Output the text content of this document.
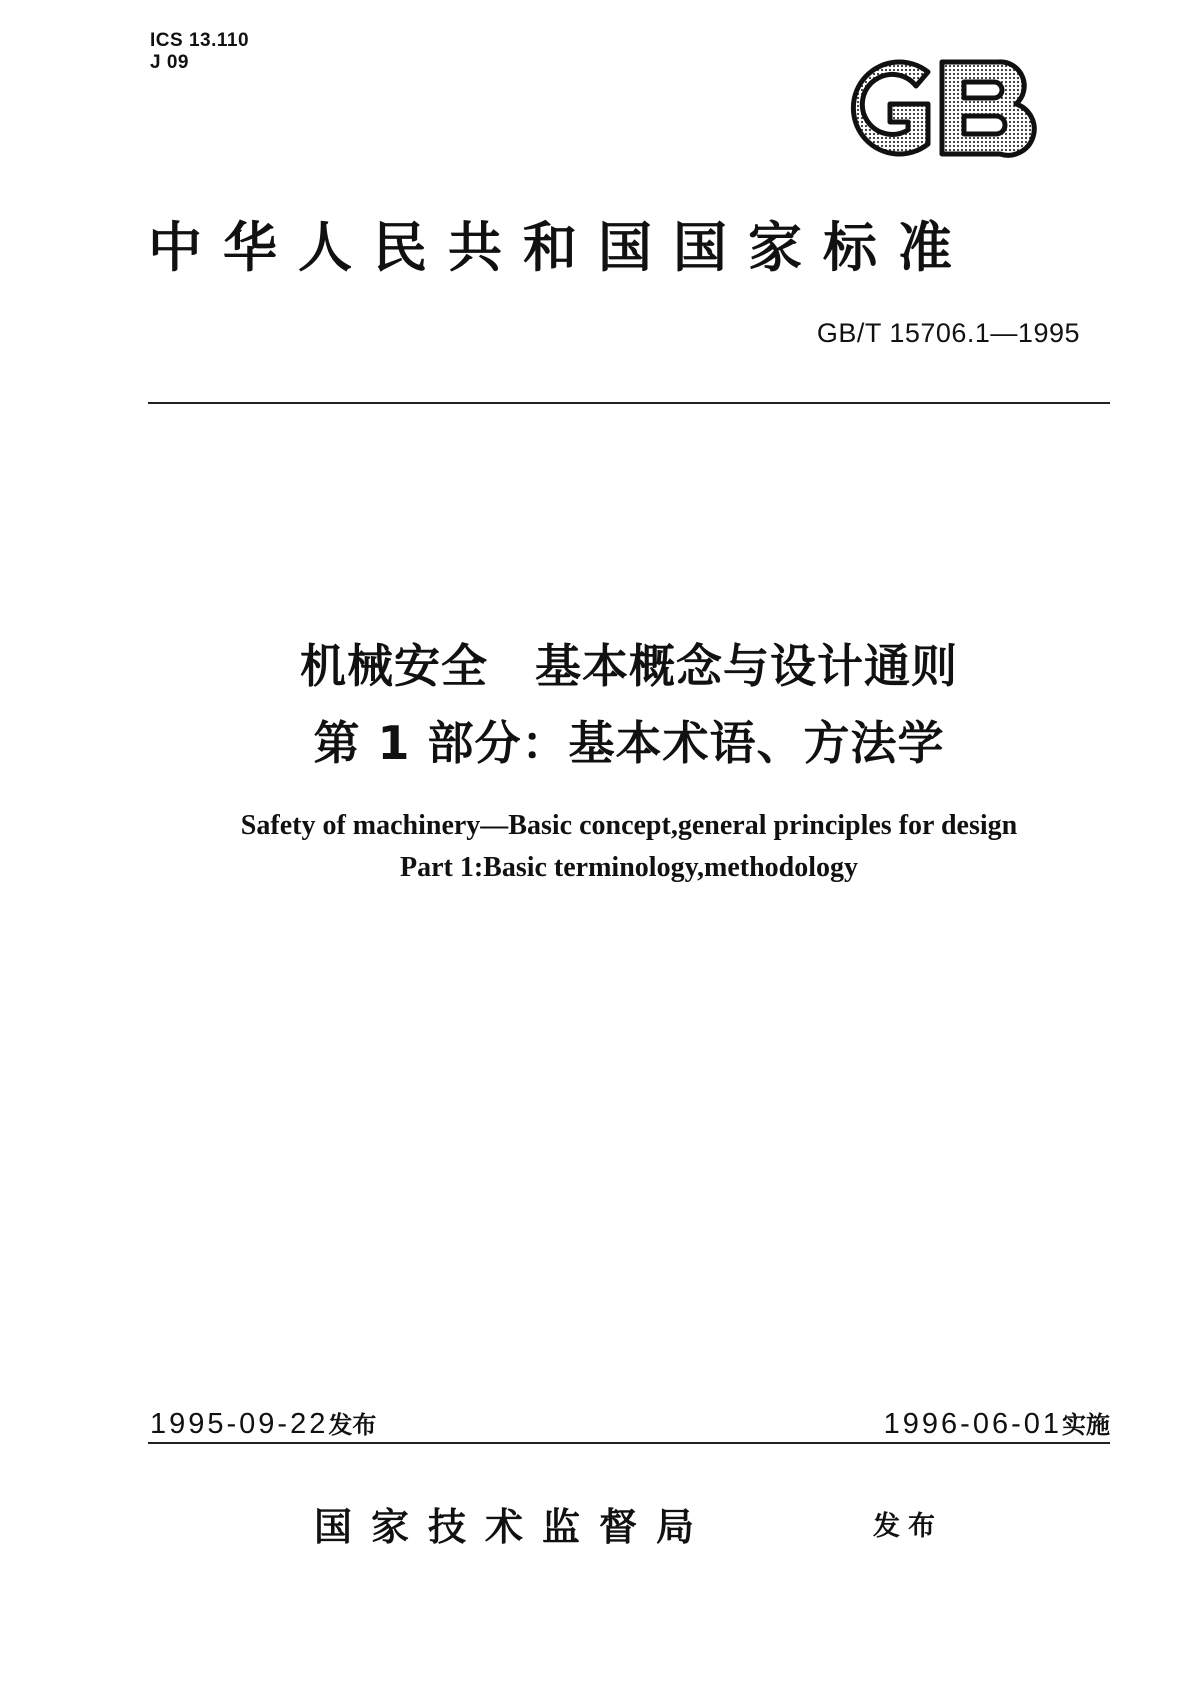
ICS 13.110
J 09
中华人民共和国国家标准
GB/T 15706.1—1995
机械安全　基本概念与设计通则
第 1 部分：基本术语、方法学
Safety of machinery—Basic concept,general principles for design
Part 1:Basic terminology,methodology
1995-09-22发布	1996-06-01实施
国家技术监督局	发布
